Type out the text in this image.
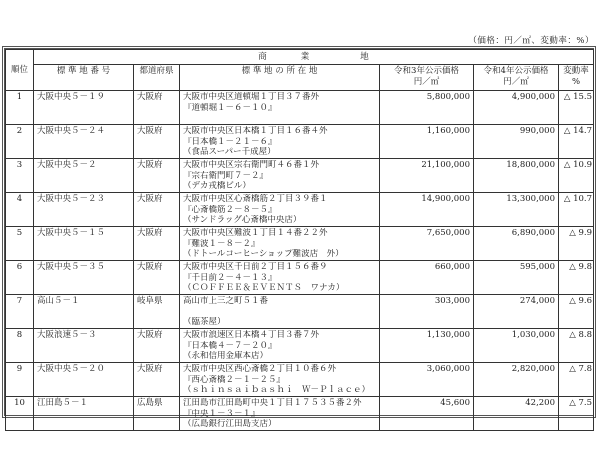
（価格：円／㎡、変動率：%）
順位	商　　　　業　　　　　　地					
	標 準 地 番 号	都道府県	標 準 地 の 所 在 地	令和3年公示価格
円／㎡	令和4年公示価格
円／㎡	変動率
%
1	大阪中央５－１９	大阪府	大阪市中央区道頓堀１丁目３７番外
『道頓堀１－６－１０』	5,800,000	4,900,000	△ 15.5
2	大阪中央５－２４	大阪府	大阪市中央区日本橋１丁目１６番４外
『日本橋１－２１－６』
（食品スーパー千成屋）	1,160,000	990,000	△ 14.7
3	大阪中央５－２	大阪府	大阪市中央区宗右衛門町４６番１外
『宗右衛門町７－２』
（デカ戎橋ビル）	21,100,000	18,800,000	△ 10.9
4	大阪中央５－２３	大阪府	大阪市中央区心斎橋筋２丁目３９番１
『心斎橋筋２－８－５』
（サンドラッグ心斎橋中央店）	14,900,000	13,300,000	△ 10.7
5	大阪中央５－１５	大阪府	大阪市中央区難波１丁目１４番２２外
『難波１－８－２』
（ドトールコーヒーショップ難波店　外）	7,650,000	6,890,000	△ 9.9
6	大阪中央５－３５	大阪府	大阪市中央区千日前２丁目１５６番９
『千日前２－４－１３』
（ＣＯＦＦＥＥ＆ＥＶＥＮＴＳ　ワナカ）	660,000	595,000	△ 9.8
7	高山５－１	岐阜県	高山市上三之町５１番

（臨茶屋）	303,000	274,000	△ 9.6
8	大阪浪速５－３	大阪府	大阪市浪速区日本橋４丁目３番７外
『日本橋４－７－２０』
（永和信用金庫本店）	1,130,000	1,030,000	△ 8.8
9	大阪中央５－２０	大阪府	大阪市中央区西心斎橋２丁目１０番６外
『西心斎橋２－１－２５』
（ｓｈｉｎｓａｉｂａｓｈｉ　Ｗ－Ｐｌａｃｅ）	3,060,000	2,820,000	△ 7.8
10	江田島５－１	広島県	江田島市江田島町中央１丁目１７５３５番２外
『中央１－３－１』
（広島銀行江田島支店）	45,600	42,200	△ 7.5
